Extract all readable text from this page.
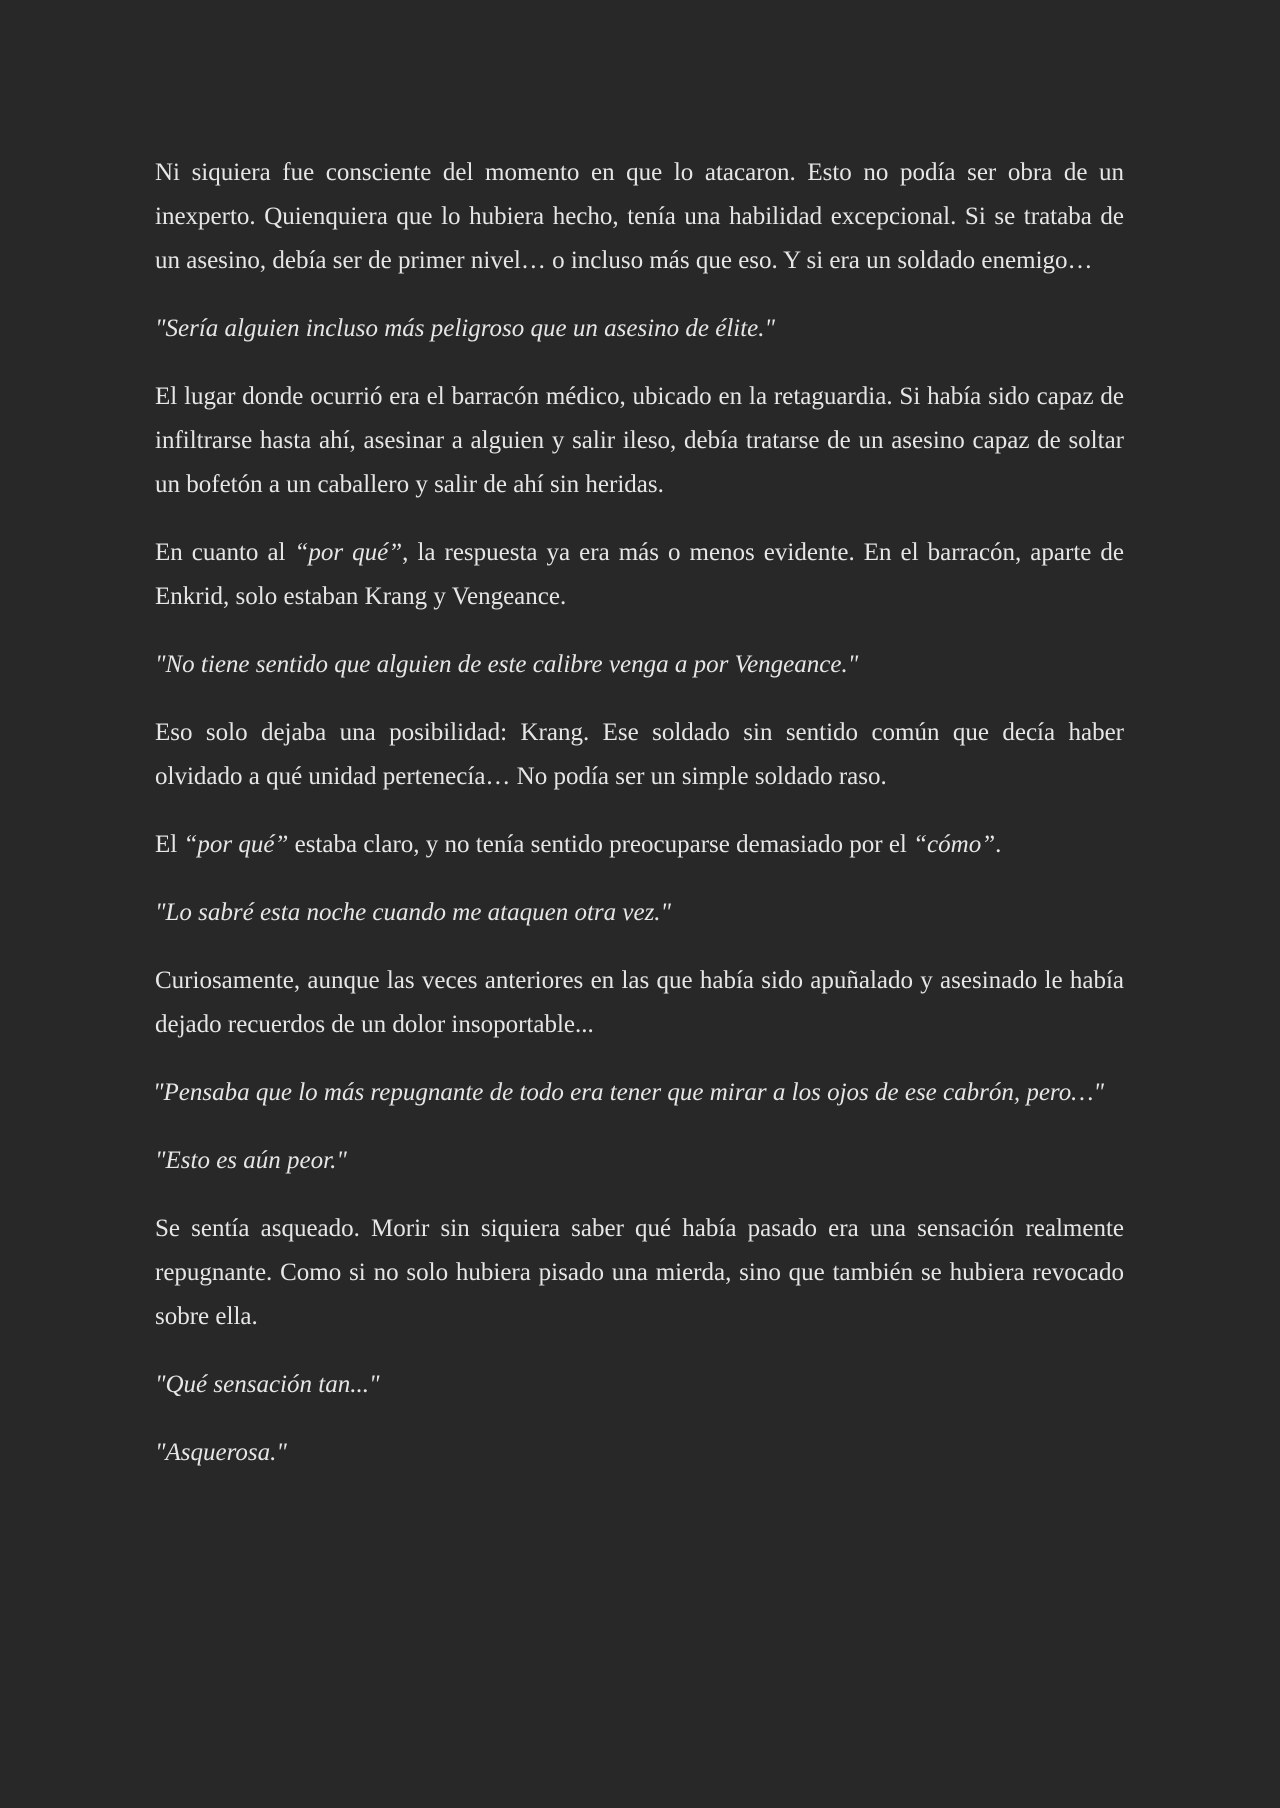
Ni siquiera fue consciente del momento en que lo atacaron. Esto no podía ser obra de un inexperto. Quienquiera que lo hubiera hecho, tenía una habilidad excepcional. Si se trataba de un asesino, debía ser de primer nivel… o incluso más que eso. Y si era un soldado enemigo…

"Sería alguien incluso más peligroso que un asesino de élite."

El lugar donde ocurrió era el barracón médico, ubicado en la retaguardia. Si había sido capaz de infiltrarse hasta ahí, asesinar a alguien y salir ileso, debía tratarse de un asesino capaz de soltar un bofetón a un caballero y salir de ahí sin heridas.

En cuanto al “por qué”, la respuesta ya era más o menos evidente. En el barracón, aparte de Enkrid, solo estaban Krang y Vengeance.

"No tiene sentido que alguien de este calibre venga a por Vengeance."

Eso solo dejaba una posibilidad: Krang. Ese soldado sin sentido común que decía haber olvidado a qué unidad pertenecía… No podía ser un simple soldado raso.

El “por qué” estaba claro, y no tenía sentido preocuparse demasiado por el “cómo”.

"Lo sabré esta noche cuando me ataquen otra vez."

Curiosamente, aunque las veces anteriores en las que había sido apuñalado y asesinado le había dejado recuerdos de un dolor insoportable...

"Pensaba que lo más repugnante de todo era tener que mirar a los ojos de ese cabrón, pero…"

"Esto es aún peor."

Se sentía asqueado. Morir sin siquiera saber qué había pasado era una sensación realmente repugnante. Como si no solo hubiera pisado una mierda, sino que también se hubiera revocado sobre ella.

"Qué sensación tan..."

"Asquerosa."
